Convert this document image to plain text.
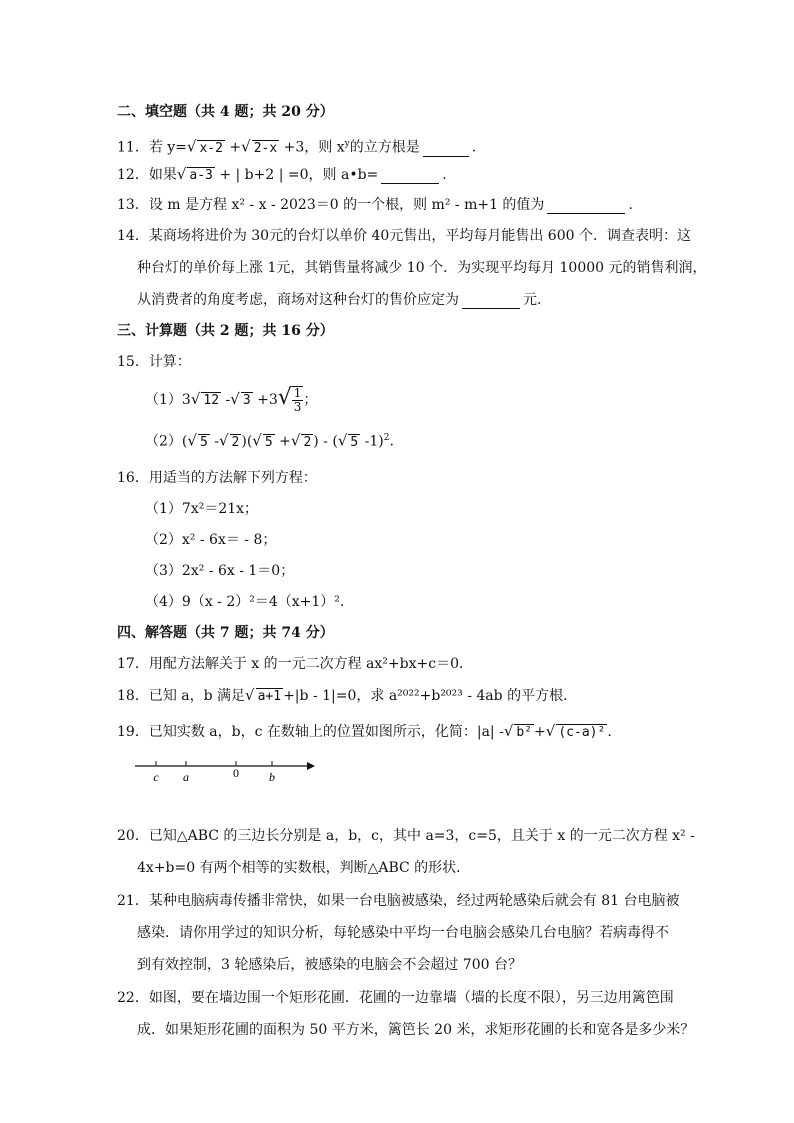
二、填空题（共 4 题；共 20 分）
11．若 y=√ x-2 +√ 2-x +3，则 $x^y$的立方根是	.
12．如果√ a-3 + | b+2 | =0，则 a•b=	.
13．设 m 是方程 x² - x - 2023＝0 的一个根，则 m² - m+1 的值为	.
14．某商场将进价为 30元的台灯以单价 40元售出，平均每月能售出 600 个．调查表明：这
种台灯的单价每上涨 1元，其销售量将减少 10 个．为实现平均每月 10000 元的销售利润，
从消费者的角度考虑，商场对这种台灯的售价应定为	元．
三、计算题（共 2 题；共 16 分）
15．计算：
（1）3√ 12 -√ $3 +3√ \frac{1}{3}$ ；
（2）(√ 5 -√ 2 )(√ 5 +√ 2 ) - (√ 5 -1)$^2$.
16．用适当的方法解下列方程：
（1）7x²＝21x；
（2）x² - 6x＝ - 8；
（3）2x² - 6x - 1＝0；
（4）9（x - 2）²＝4（x+1）².
四、解答题（共 7 题；共 74 分）
17．用配方法解关于 x 的一元二次方程 ax²+bx+c＝0．
18．已知 a，b 满足√ a+1 +|b - 1|=0，求 a²⁰²²+b²⁰²³ - 4ab 的平方根．
19．已知实数 a，b，c 在数轴上的位置如图所示，化简：|a| -√ b² +√ (c-a)² .
c a	0	b
20．已知△ABC 的三边长分别是 a，b，c，其中 a=3，c=5，且关于 x 的一元二次方程 x² -
4x+b=0 有两个相等的实数根，判断△ABC 的形状．
21．某种电脑病毒传播非常快，如果一台电脑被感染，经过两轮感染后就会有 81 台电脑被
感染．请你用学过的知识分析，每轮感染中平均一台电脑会感染几台电脑？若病毒得不
到有效控制，3 轮感染后，被感染的电脑会不会超过 700 台？
22．如图，要在墙边围一个矩形花圃．花圃的一边靠墙（墙的长度不限），另三边用篱笆围
成．如果矩形花圃的面积为 50 平方米，篱笆长 20 米，求矩形花圃的长和宽各是多少米？
